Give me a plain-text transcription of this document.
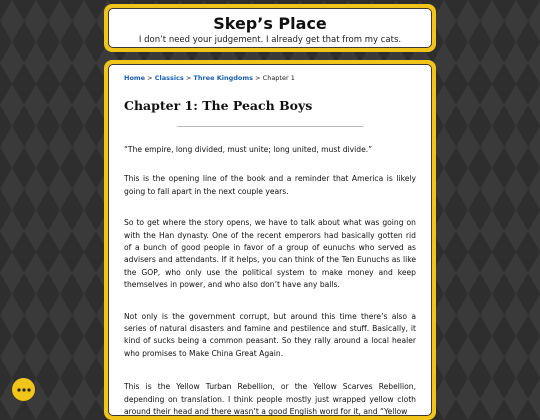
Skep’s Place
I don’t need your judgement. I already get that from my cats.
Home > Classics > Three Kingdoms > Chapter 1
Chapter 1: The Peach Boys

“The empire, long divided, must unite; long united, must divide.”

This is the opening line of the book and a reminder that America is likely going to fall apart in the next couple years.

So to get where the story opens, we have to talk about what was going on with the Han dynasty. One of the recent emperors had basically gotten rid of a bunch of good people in favor of a group of eunuchs who served as advisers and attendants. If it helps, you can think of the Ten Eunuchs as like the GOP, who only use the political system to make money and keep themselves in power, and who also don’t have any balls.

Not only is the government corrupt, but around this time there’s also a series of natural disasters and famine and pestilence and stuff. Basically, it kind of sucks being a common peasant. So they rally around a local healer who promises to Make China Great Again.

This is the Yellow Turban Rebellion, or the Yellow Scarves Rebellion, depending on translation. I think people mostly just wrapped yellow cloth around their head and there wasn’t a good English word for it, and “Yellow
